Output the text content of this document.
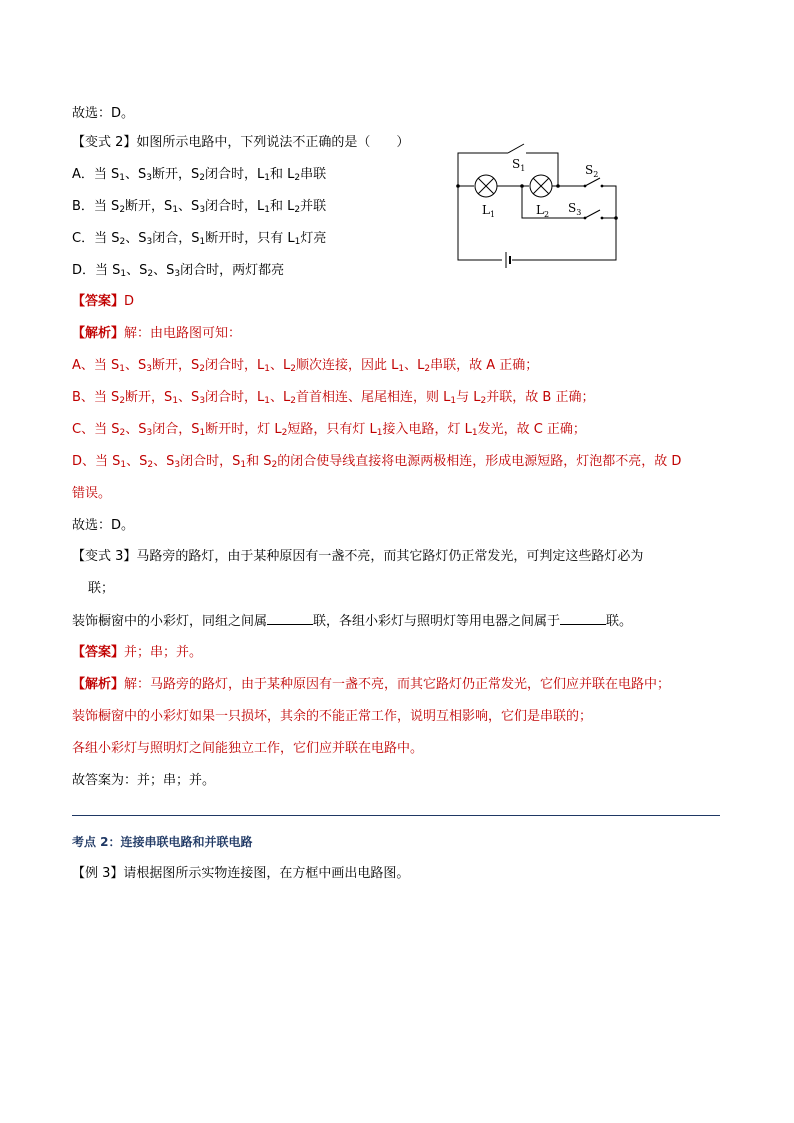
故选：D。
【变式 2】如图所示电路中，下列说法不正确的是（　　）
A．当 $S_1$、$S_3$断开，$S_2$闭合时，$L_1$和 $L_2$串联
B．当 $S_2$断开，$S_1$、$S_3$闭合时，$L_1$和 $L_2$并联
C．当 $S_2$、$S_3$闭合，$S_1$断开时，只有 $L_1$灯亮
D．当 $S_1$、$S_2$、$S_3$闭合时，两灯都亮
【答案】D
【解析】解：由电路图可知：
A、当 $S_1$、$S_3$断开，$S_2$闭合时，$L_1$、$L_2$顺次连接，因此 $L_1$、$L_2$串联，故 A 正确；
B、当 $S_2$断开，$S_1$、$S_3$闭合时，$L_1$、$L_2$首首相连、尾尾相连，则 $L_1$与 $L_2$并联，故 B 正确；
C、当 $S_2$、$S_3$闭合，$S_1$断开时，灯 $L_2$短路，只有灯 $L_1$接入电路，灯 $L_1$发光，故 C 正确；
D、当 $S_1$、$S_2$、$S_3$闭合时，$S_1$和 $S_2$的闭合使导线直接将电源两极相连，形成电源短路，灯泡都不亮，故 D
错误。
故选：D。
$S_1$	$S_2$
$S_3$
$L_1$	$L_2$
【变式 3】马路旁的路灯，由于某种原因有一盏不亮，而其它路灯仍正常发光，可判定这些路灯必为
联；
装饰橱窗中的小彩灯，同组之间属	联，各组小彩灯与照明灯等用电器之间属于	联。
【答案】并；串；并。
【解析】解：马路旁的路灯，由于某种原因有一盏不亮，而其它路灯仍正常发光，它们应并联在电路中；
装饰橱窗中的小彩灯如果一只损坏，其余的不能正常工作，说明互相影响，它们是串联的；
各组小彩灯与照明灯之间能独立工作，它们应并联在电路中。
故答案为：并；串；并。
考点 2：连接串联电路和并联电路
【例 3】请根据图所示实物连接图，在方框中画出电路图。
